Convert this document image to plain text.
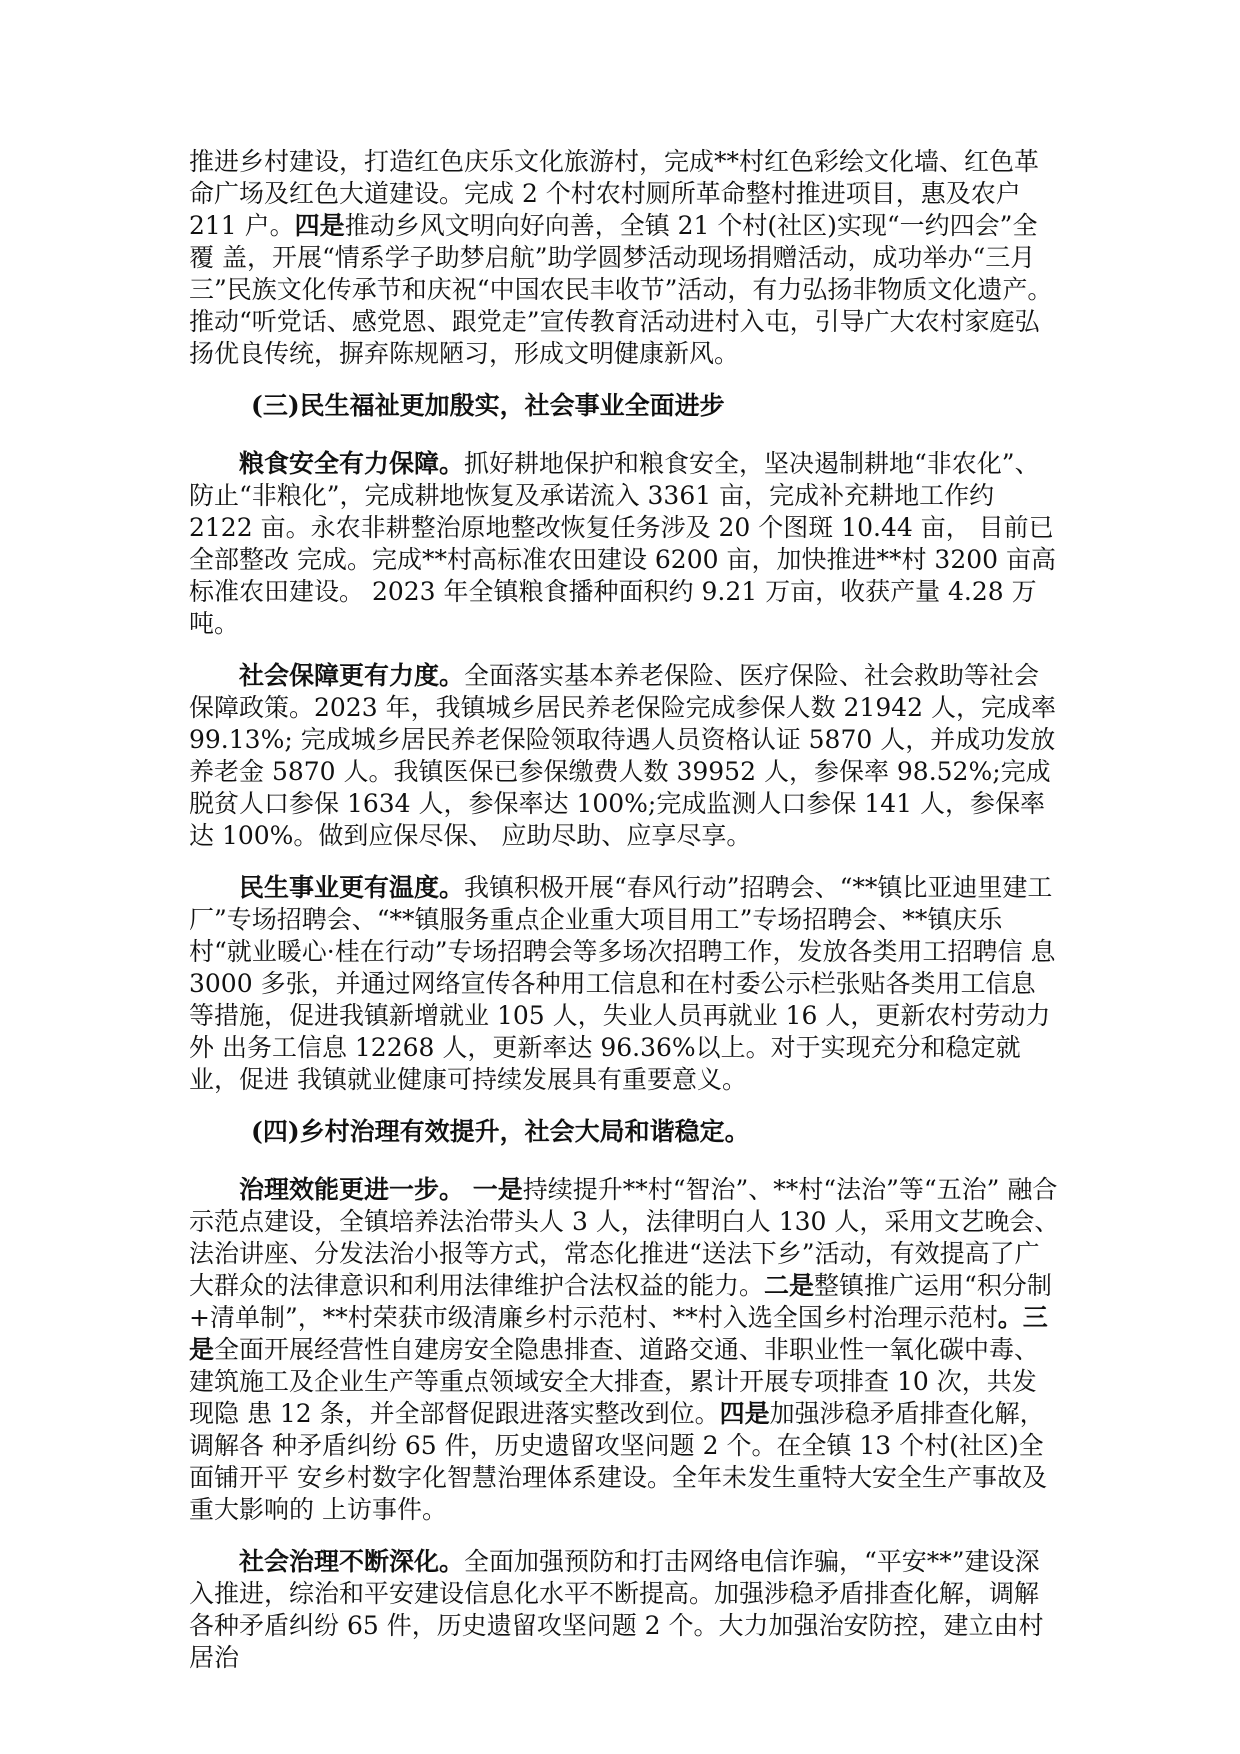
推进乡村建设，打造红色庆乐文化旅游村，完成**村红色彩绘文化墙、红色革命广场及红色大道建设。完成 2 个村农村厕所革命整村推进项目，惠及农户 211 户。四是推动乡风文明向好向善，全镇 21 个村(社区)实现“一约四会”全覆 盖，开展“情系学子助梦启航”助学圆梦活动现场捐赠活动，成功举办“三月 三”民族文化传承节和庆祝“中国农民丰收节”活动，有力弘扬非物质文化遗产。 推动“听党话、感党恩、跟党走”宣传教育活动进村入屯，引导广大农村家庭弘 扬优良传统，摒弃陈规陋习，形成文明健康新风。

(三)民生福祉更加殷实，社会事业全面进步

粮食安全有力保障。抓好耕地保护和粮食安全，坚决遏制耕地“非农化”、防止“非粮化”，完成耕地恢复及承诺流入 3361 亩，完成补充耕地工作约 2122 亩。永农非耕整治原地整改恢复任务涉及 20 个图斑 10.44 亩， 目前已全部整改 完成。完成**村高标准农田建设 6200 亩，加快推进**村 3200 亩高标准农田建设。 2023 年全镇粮食播种面积约 9.21 万亩，收获产量 4.28 万吨。

社会保障更有力度。全面落实基本养老保险、医疗保险、社会救助等社会保障政策。2023 年，我镇城乡居民养老保险完成参保人数 21942 人，完成率 99.13%; 完成城乡居民养老保险领取待遇人员资格认证 5870 人，并成功发放养老金 5870 人。我镇医保已参保缴费人数 39952 人，参保率 98.52%;完成脱贫人口参保 1634 人，参保率达 100%;完成监测人口参保 141 人，参保率达 100%。做到应保尽保、 应助尽助、应享尽享。

民生事业更有温度。我镇积极开展“春风行动”招聘会、“**镇比亚迪里建工厂”专场招聘会、“**镇服务重点企业重大项目用工”专场招聘会、**镇庆乐 村“就业暖心·桂在行动”专场招聘会等多场次招聘工作，发放各类用工招聘信 息 3000 多张，并通过网络宣传各种用工信息和在村委公示栏张贴各类用工信息 等措施，促进我镇新增就业 105 人，失业人员再就业 16 人，更新农村劳动力外 出务工信息 12268 人，更新率达 96.36%以上。对于实现充分和稳定就业，促进 我镇就业健康可持续发展具有重要意义。

(四)乡村治理有效提升，社会大局和谐稳定。

治理效能更进一步。 一是持续提升**村“智治”、**村“法治”等“五治” 融合示范点建设，全镇培养法治带头人 3 人，法律明白人 130 人，采用文艺晚会、

法治讲座、分发法治小报等方式，常态化推进“送法下乡”活动，有效提高了广大群众的法律意识和利用法律维护合法权益的能力。二是整镇推广运用“积分制+清单制”，**村荣获市级清廉乡村示范村、**村入选全国乡村治理示范村。三是全面开展经营性自建房安全隐患排查、道路交通、非职业性一氧化碳中毒、建筑施工及企业生产等重点领域安全大排查，累计开展专项排查 10 次，共发现隐 患 12 条，并全部督促跟进落实整改到位。四是加强涉稳矛盾排查化解，调解各 种矛盾纠纷 65 件，历史遗留攻坚问题 2 个。在全镇 13 个村(社区)全面铺开平 安乡村数字化智慧治理体系建设。全年未发生重特大安全生产事故及重大影响的 上访事件。

社会治理不断深化。全面加强预防和打击网络电信诈骗，“平安**”建设深入推进，综治和平安建设信息化水平不断提高。加强涉稳矛盾排查化解，调解各种矛盾纠纷 65 件，历史遗留攻坚问题 2 个。大力加强治安防控，建立由村居治
